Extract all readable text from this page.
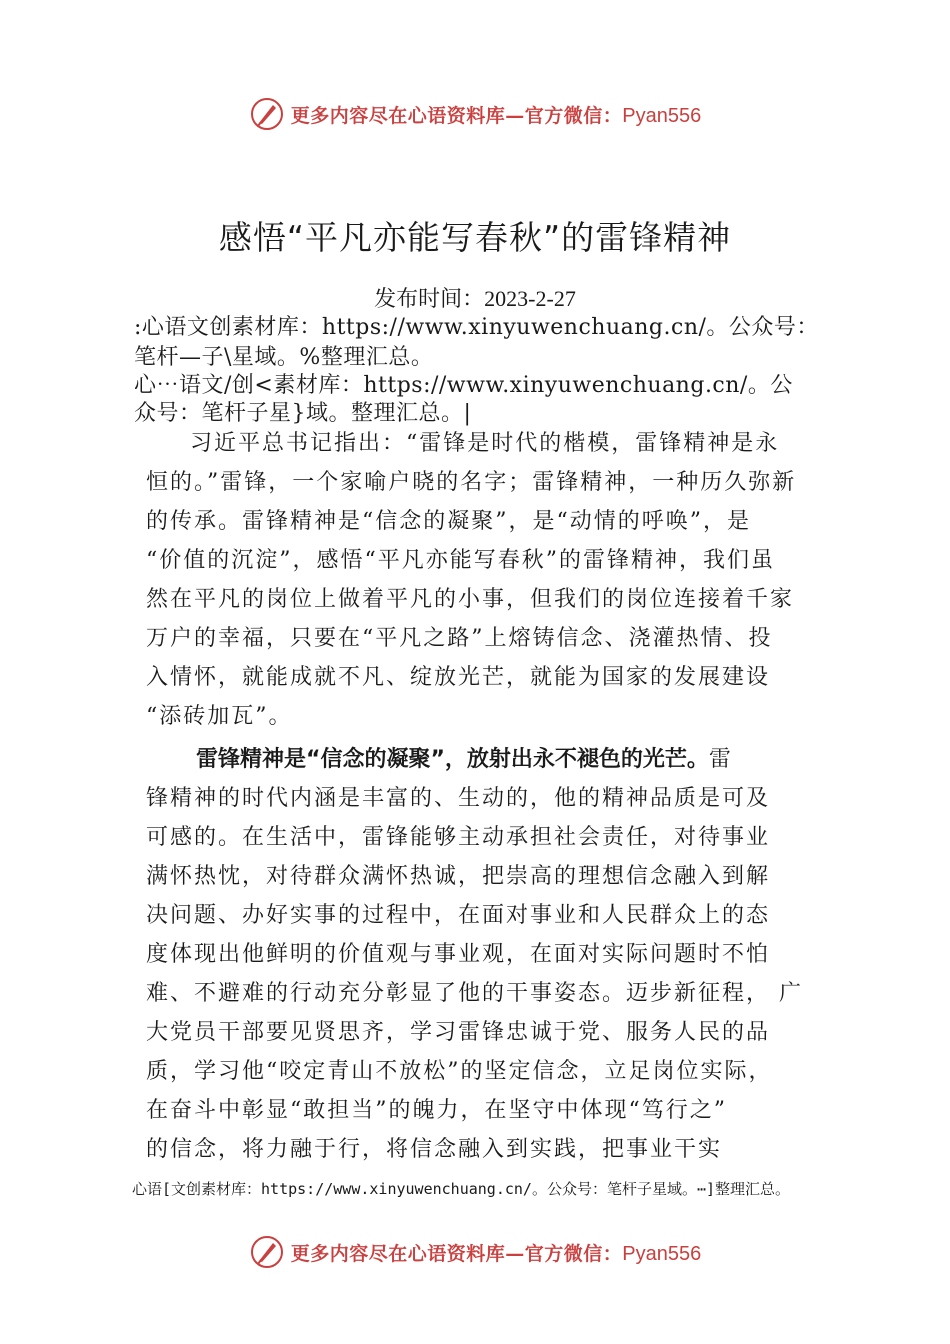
更多内容尽在心语资料库—官方微信：Pyan556
感悟“平凡亦能写春秋”的雷锋精神

发布时间：2023-2-27

:心语文创素材库：https://www.xinyuwenchuang.cn/。公众号：
笔杆—子\星域。%整理汇总。
心⋯语文/创<素材库：https://www.xinyuwenchuang.cn/。公
众号：笔杆子星}域。整理汇总。|
习近平总书记指出：“雷锋是时代的楷模，雷锋精神是永
恒的。”雷锋，一个家喻户晓的名字；雷锋精神，一种历久弥新
的传承。雷锋精神是“信念的凝聚”，是“动情的呼唤”，是
“价值的沉淀”，感悟“平凡亦能写春秋”的雷锋精神，我们虽
然在平凡的岗位上做着平凡的小事，但我们的岗位连接着千家
万户的幸福，只要在“平凡之路”上熔铸信念、浇灌热情、投
入情怀，就能成就不凡、绽放光芒，就能为国家的发展建设
“添砖加瓦”。
雷锋精神是“信念的凝聚”，放射出永不褪色的光芒。雷
锋精神的时代内涵是丰富的、生动的，他的精神品质是可及
可感的。在生活中，雷锋能够主动承担社会责任，对待事业
满怀热忱，对待群众满怀热诚，把崇高的理想信念融入到解
决问题、办好实事的过程中，在面对事业和人民群众上的态
度体现出他鲜明的价值观与事业观，在面对实际问题时不怕
难、不避难的行动充分彰显了他的干事姿态。迈步新征程， 广
大党员干部要见贤思齐，学习雷锋忠诚于党、服务人民的品
质，学习他“咬定青山不放松”的坚定信念，立足岗位实际，
在奋斗中彰显“敢担当”的魄力，在坚守中体现“笃行之”
的信念，将力融于行，将信念融入到实践，把事业干实
心语[文创素材库：https://www.xinyuwenchuang.cn/。公众号：笔杆子星域。⋯]整理汇总。
更多内容尽在心语资料库—官方微信：Pyan556
